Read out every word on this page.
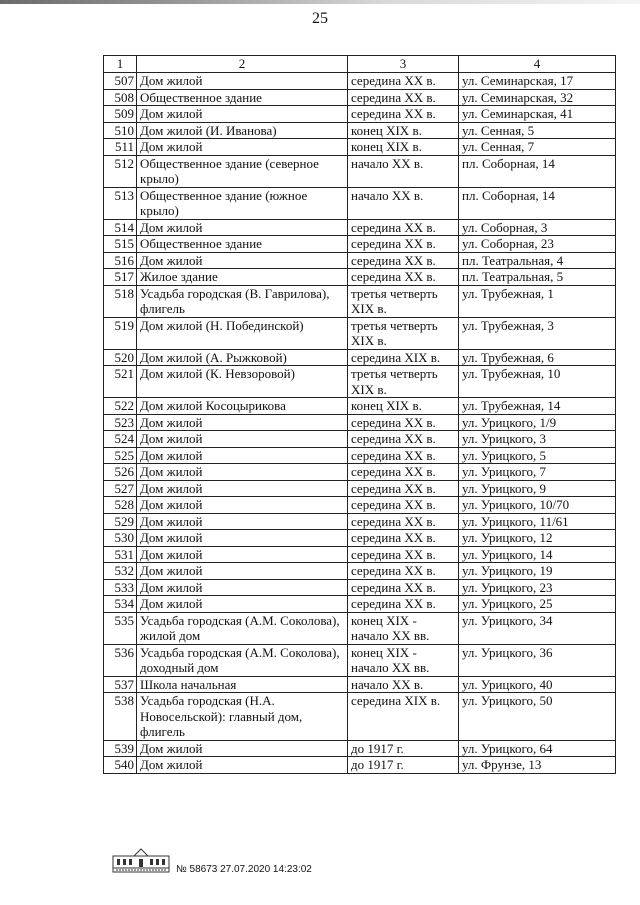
25
1	2	3	4
507	Дом жилой	середина XX в.	ул. Семинарская, 17
508	Общественное здание	середина XX в.	ул. Семинарская, 32
509	Дом жилой	середина XX в.	ул. Семинарская, 41
510	Дом жилой (И. Иванова)	конец XIX в.	ул. Сенная, 5
511	Дом жилой	конец XIX в.	ул. Сенная, 7
512	Общественное здание (северное крыло)	начало XX в.	пл. Соборная, 14
513	Общественное здание (южное крыло)	начало XX в.	пл. Соборная, 14
514	Дом жилой	середина XX в.	ул. Соборная, 3
515	Общественное здание	середина XX в.	ул. Соборная, 23
516	Дом жилой	середина XX в.	пл. Театральная, 4
517	Жилое здание	середина XX в.	пл. Театральная, 5
518	Усадьба городская (В. Гаврилова), флигель	третья четверть XIX в.	ул. Трубежная, 1
519	Дом жилой (Н. Побединской)	третья четверть XIX в.	ул. Трубежная, 3
520	Дом жилой (А. Рыжковой)	середина XIX в.	ул. Трубежная, 6
521	Дом жилой (К. Невзоровой)	третья четверть XIX в.	ул. Трубежная, 10
522	Дом жилой Косоцырикова	конец XIX в.	ул. Трубежная, 14
523	Дом жилой	середина XX в.	ул. Урицкого, 1/9
524	Дом жилой	середина XX в.	ул. Урицкого, 3
525	Дом жилой	середина XX в.	ул. Урицкого, 5
526	Дом жилой	середина XX в.	ул. Урицкого, 7
527	Дом жилой	середина XX в.	ул. Урицкого, 9
528	Дом жилой	середина XX в.	ул. Урицкого, 10/70
529	Дом жилой	середина XX в.	ул. Урицкого, 11/61
530	Дом жилой	середина XX в.	ул. Урицкого, 12
531	Дом жилой	середина XX в.	ул. Урицкого, 14
532	Дом жилой	середина XX в.	ул. Урицкого, 19
533	Дом жилой	середина XX в.	ул. Урицкого, 23
534	Дом жилой	середина XX в.	ул. Урицкого, 25
535	Усадьба городская (А.М. Соколова), жилой дом	конец XIX - начало XX вв.	ул. Урицкого, 34
536	Усадьба городская (А.М. Соколова), доходный дом	конец XIX - начало XX вв.	ул. Урицкого, 36
537	Школа начальная	начало XX в.	ул. Урицкого, 40
538	Усадьба городская (Н.А. Новосельской): главный дом, флигель	середина XIX в.	ул. Урицкого, 50
539	Дом жилой	до 1917 г.	ул. Урицкого, 64
540	Дом жилой	до 1917 г.	ул. Фрунзе, 13
№ 58673 27.07.2020 14:23:02
